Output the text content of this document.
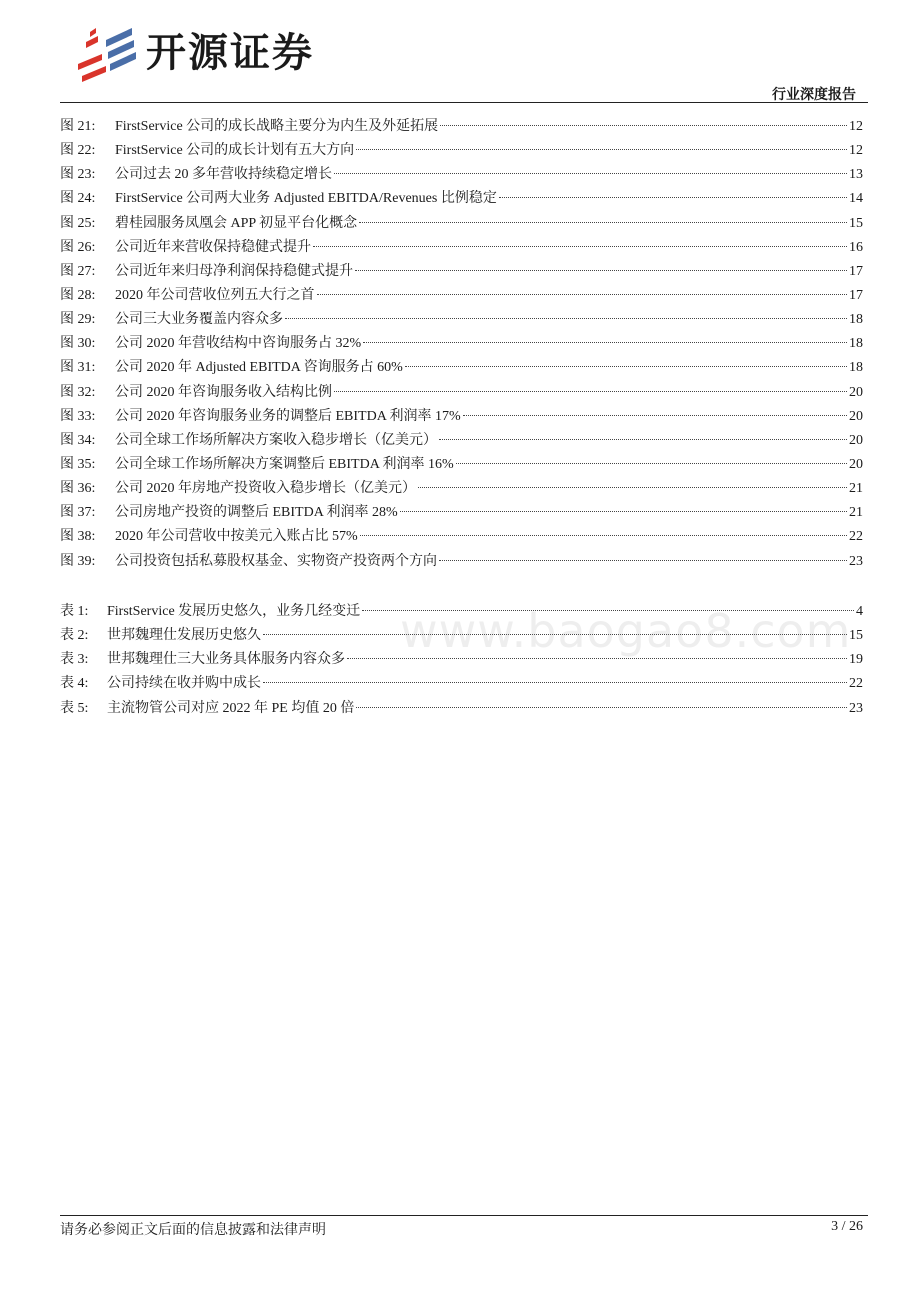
开源证券
行业深度报告
图 21:	FirstService 公司的成长战略主要分为内生及外延拓展	12
图 22:	FirstService 公司的成长计划有五大方向	12
图 23:	公司过去 20 多年营收持续稳定增长	13
图 24:	FirstService 公司两大业务 Adjusted EBITDA/Revenues 比例稳定	14
图 25:	碧桂园服务凤凰会 APP 初显平台化概念	15
图 26:	公司近年来营收保持稳健式提升	16
图 27:	公司近年来归母净利润保持稳健式提升	17
图 28:	2020 年公司营收位列五大行之首	17
图 29:	公司三大业务覆盖内容众多	18
图 30:	公司 2020 年营收结构中咨询服务占 32%	18
图 31:	公司 2020 年 Adjusted EBITDA 咨询服务占 60%	18
图 32:	公司 2020 年咨询服务收入结构比例	20
图 33:	公司 2020 年咨询服务业务的调整后 EBITDA 利润率 17%	20
图 34:	公司全球工作场所解决方案收入稳步增长（亿美元）	20
图 35:	公司全球工作场所解决方案调整后 EBITDA 利润率 16%	20
图 36:	公司 2020 年房地产投资收入稳步增长（亿美元）	21
图 37:	公司房地产投资的调整后 EBITDA 利润率 28%	21
图 38:	2020 年公司营收中按美元入账占比 57%	22
图 39:	公司投资包括私募股权基金、实物资产投资两个方向	23
表 1:	FirstService 发展历史悠久，业务几经变迁	4
表 2:	世邦魏理仕发展历史悠久	15
表 3:	世邦魏理仕三大业务具体服务内容众多	19
表 4:	公司持续在收并购中成长	22
表 5:	主流物管公司对应 2022 年 PE 均值 20 倍	23
www.baogao8.com
请务必参阅正文后面的信息披露和法律声明	3 / 26
